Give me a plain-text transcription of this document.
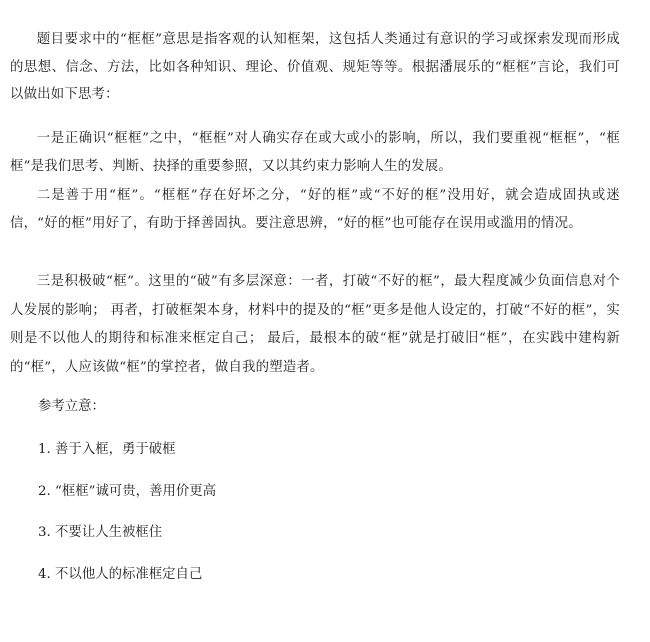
题目要求中的“框框”意思是指客观的认知框架，这包括人类通过有意识的学习或探索发现而形成的思想、信念、方法，比如各种知识、理论、价值观、规矩等等。根据潘展乐的“框框”言论，我们可以做出如下思考：

一是正确识“框框”之中，“框框”对人确实存在或大或小的影响，所以，我们要重视“框框”，“框框”是我们思考、判断、抉择的重要参照，又以其约束力影响人生的发展。

二是善于用“框”。“框框”存在好坏之分，“好的框”或“不好的框”没用好，就会造成固执或迷信，“好的框”用好了，有助于择善固执。要注意思辨，“好的框”也可能存在误用或滥用的情况。

三是积极破“框”。这里的“破”有多层深意：一者，打破“不好的框”，最大程度减少负面信息对个人发展的影响； 再者，打破框架本身，材料中的提及的“框”更多是他人设定的，打破“不好的框”，实则是不以他人的期待和标准来框定自己； 最后，最根本的破“框”就是打破旧“框”，在实践中建构新的“框”，人应该做“框”的掌控者，做自我的塑造者。

参考立意：

1. 善于入框，勇于破框

2. “框框”诚可贵，善用价更高

3. 不要让人生被框住

4. 不以他人的标准框定自己
